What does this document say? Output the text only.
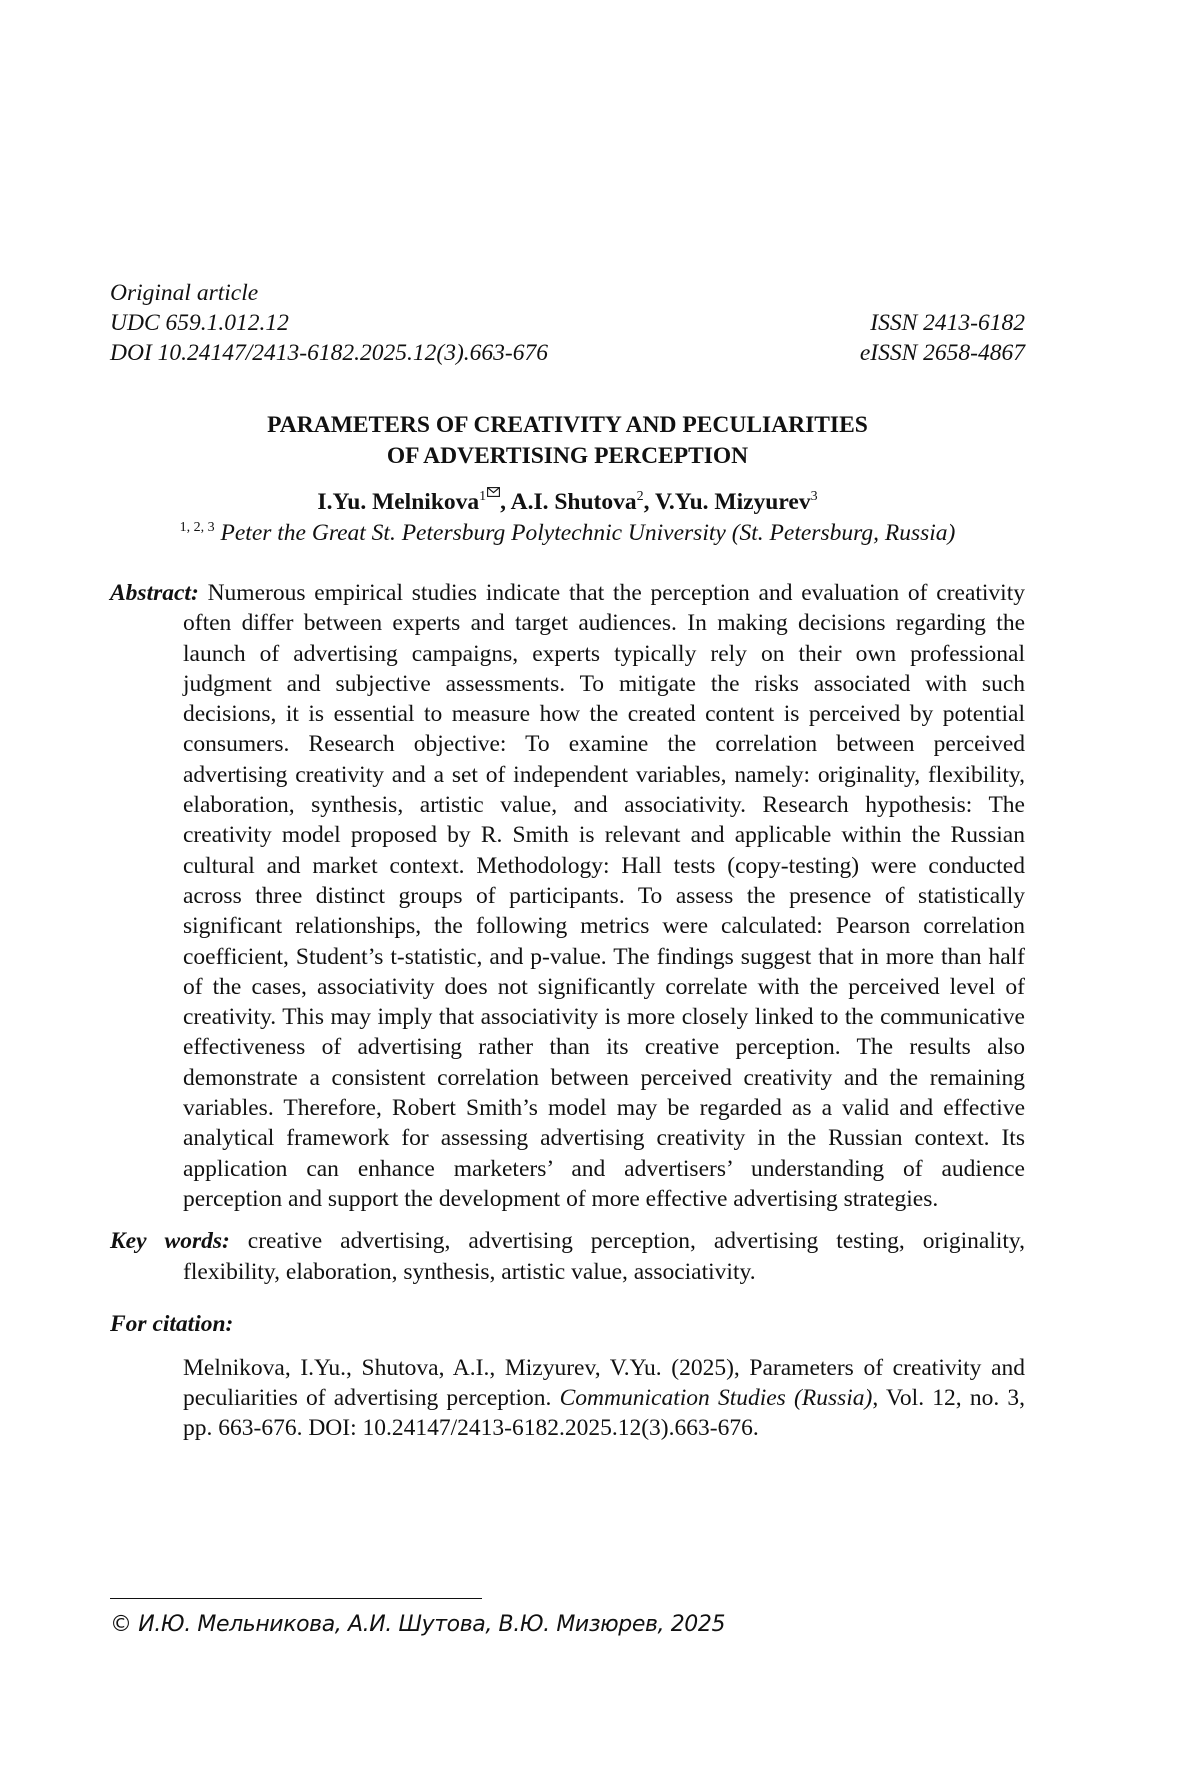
Original article
UDC 659.1.012.12	ISSN 2413-6182
DOI 10.24147/2413-6182.2025.12(3).663-676	eISSN 2658-4867
PARAMETERS OF CREATIVITY AND PECULIARITIES
OF ADVERTISING PERCEPTION
I.Yu. Melnikova$^1$ , A.I. Shutova$^2$, V.Yu. Mizyurev$^3$
$^{1, 2, 3}$ Peter the Great St. Petersburg Polytechnic University (St. Petersburg, Russia)
Abstract: Numerous empirical studies indicate that the perception and evaluation of creativity often differ between experts and target audiences. In making decisions regarding the launch of advertising campaigns, experts typically rely on their own professional judgment and subjective assessments. To mitigate the risks associated with such decisions, it is essential to measure how the created content is perceived by potential consumers. Research objective: To examine the correlation between perceived advertising creativity and a set of independent variables, namely: originality, flexibility, elaboration, synthesis, artistic value, and associativity. Research hypothesis: The creativity model proposed by R. Smith is relevant and applicable within the Russian cultural and market context. Methodology: Hall tests (copy-testing) were conducted across three distinct groups of participants. To assess the presence of statistically significant relationships, the following metrics were calculated: Pearson correlation coefficient, Student’s t-statistic, and p-value. The findings suggest that in more than half of the cases, associativity does not significantly correlate with the perceived level of creativity. This may imply that associativity is more closely linked to the communicative effectiveness of advertising rather than its creative perception. The results also demonstrate a consistent correlation between perceived creativity and the remaining variables. Therefore, Robert Smith’s model may be regarded as a valid and effective analytical framework for assessing advertising creativity in the Russian context. Its application can enhance marketers’ and advertisers’ understanding of audience perception and support the development of more effective advertising strategies.
Key words: creative advertising, advertising perception, advertising testing, originality, flexibility, elaboration, synthesis, artistic value, associativity.
For citation:
Melnikova, I.Yu., Shutova, A.I., Mizyurev, V.Yu. (2025), Parameters of creativity and peculiarities of advertising perception. Communication Studies (Russia), Vol. 12, no. 3, pp. 663-676. DOI: 10.24147/2413-6182.2025.12(3).663-676.
© И.Ю. Мельникова, А.И. Шутова, В.Ю. Мизюрев, 2025
